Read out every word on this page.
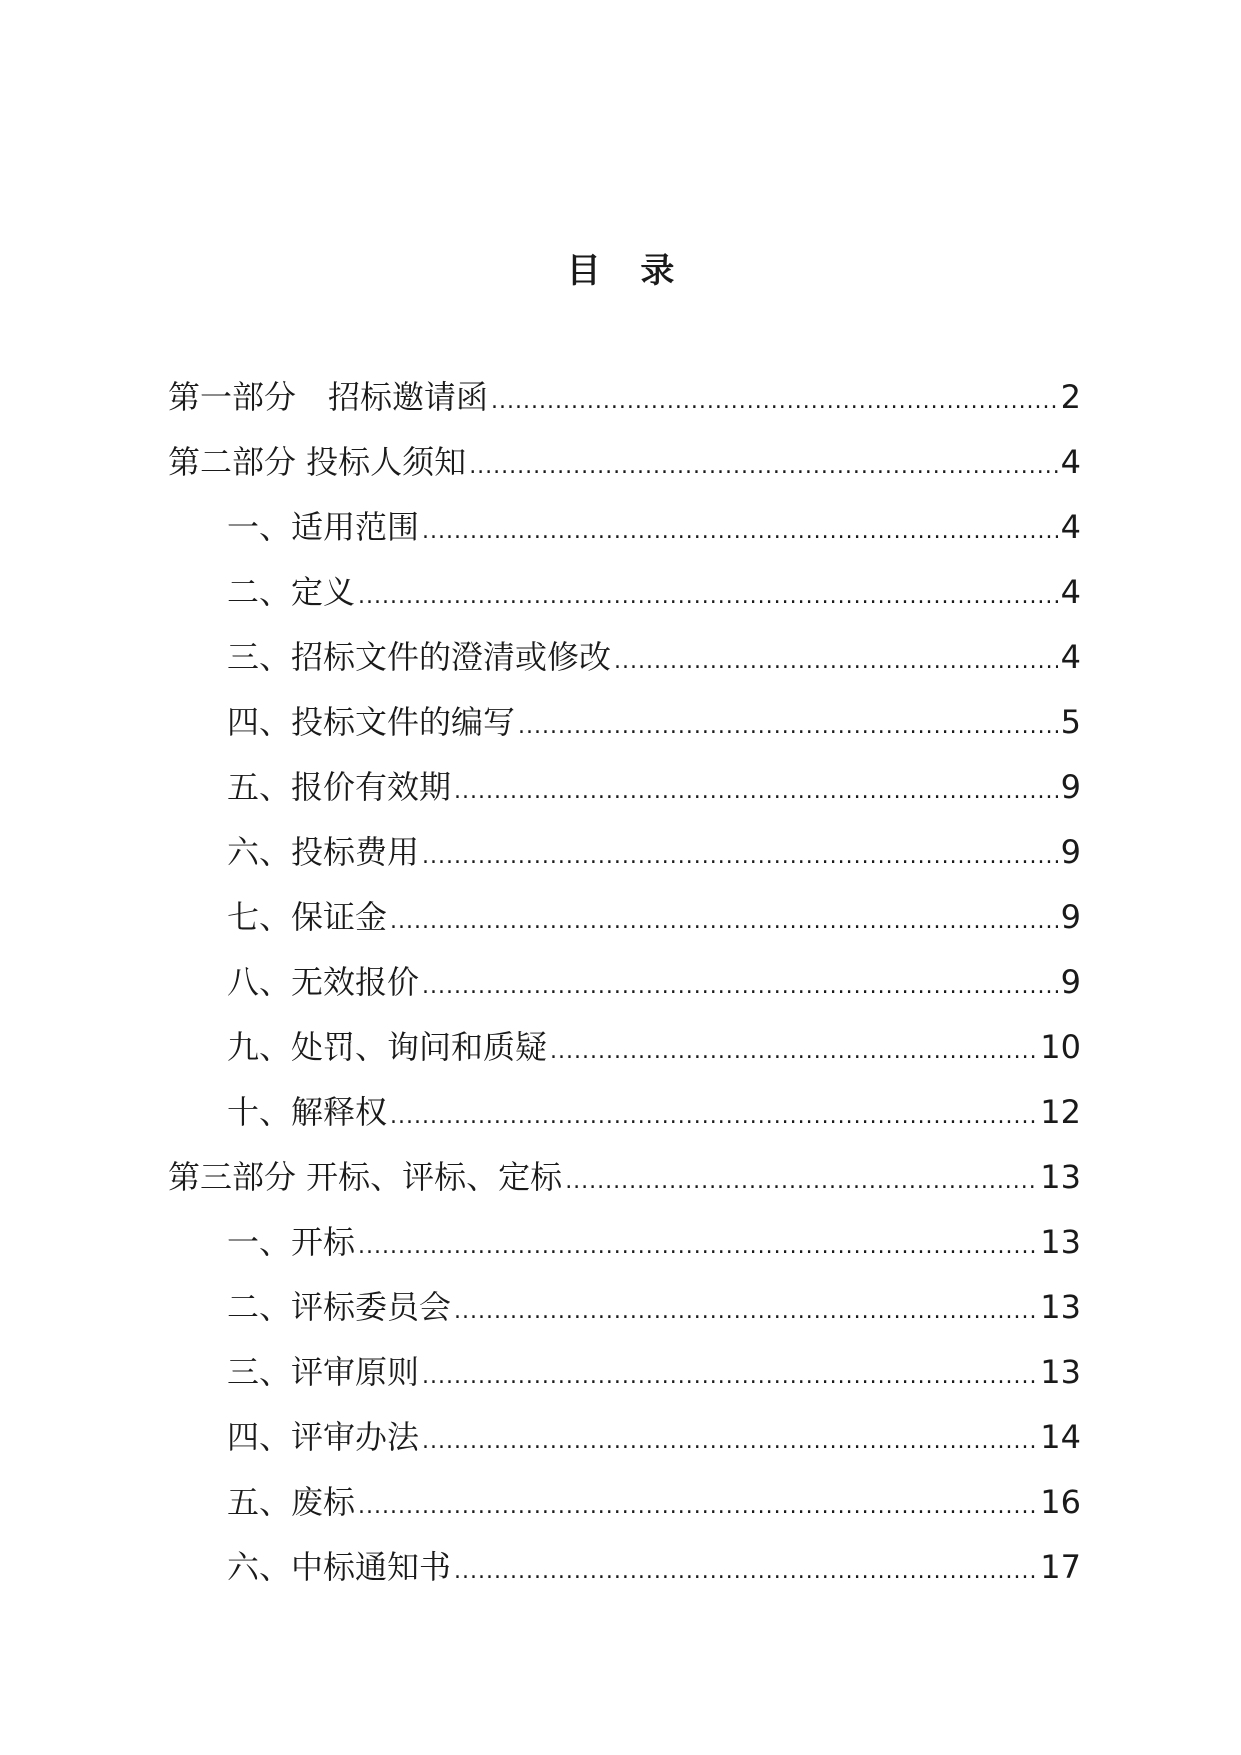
目 录
第一部分　招标邀请函 .....	2
第二部分 投标人须知 .....	4
一、适用范围 .....	4
二、定义 .....	4
三、招标文件的澄清或修改 .....	4
四、投标文件的编写 .....	5
五、报价有效期 .....	9
六、投标费用 .....	9
七、保证金 .....	9
八、无效报价 .....	9
九、处罚、询问和质疑 .....	10
十、解释权 .....	12
第三部分 开标、评标、定标 .....	13
一、开标 .....	13
二、评标委员会 .....	13
三、评审原则 .....	13
四、评审办法 .....	14
五、废标 .....	16
六、中标通知书 .....	17
